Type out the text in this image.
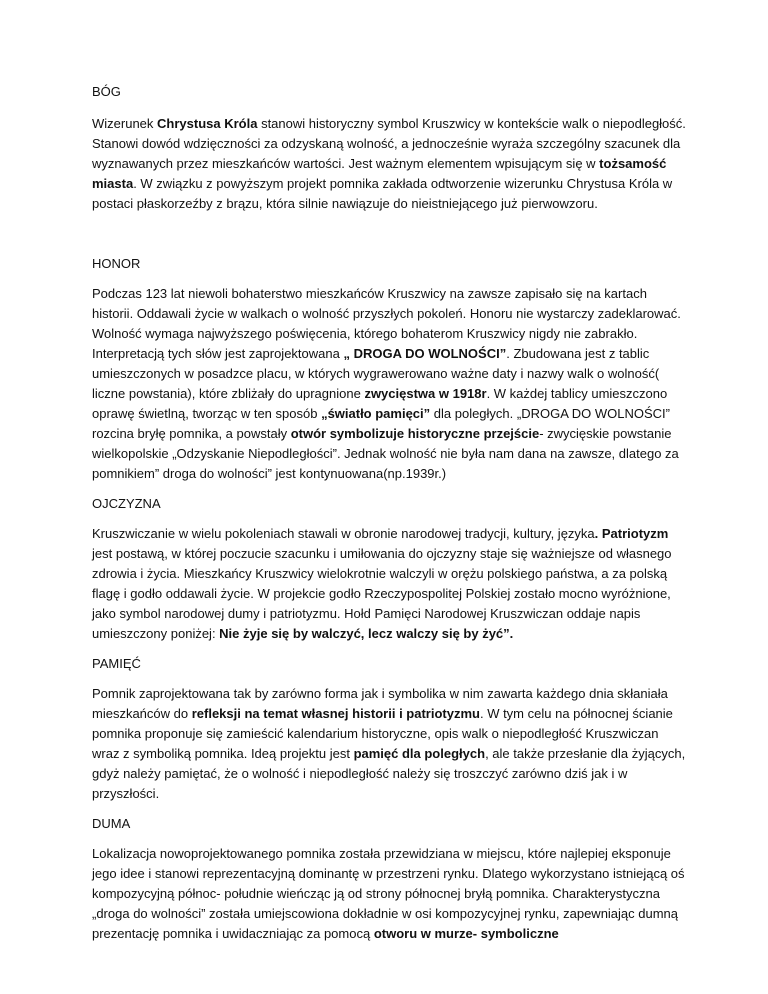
BÓG

Wizerunek Chrystusa Króla stanowi historyczny symbol Kruszwicy w kontekście walk o niepodległość. Stanowi dowód wdzięczności za odzyskaną wolność, a jednocześnie wyraża szczególny szacunek dla wyznawanych przez mieszkańców wartości. Jest ważnym elementem wpisującym się w tożsamość miasta. W związku z powyższym projekt pomnika zakłada odtworzenie wizerunku Chrystusa Króla w postaci płaskorzeźby z brązu, która silnie nawiązuje do nieistniejącego już pierwowzoru.

HONOR

Podczas 123 lat niewoli bohaterstwo mieszkańców Kruszwicy na zawsze zapisało się na kartach historii. Oddawali życie w walkach o wolność przyszłych pokoleń. Honoru nie wystarczy zadeklarować. Wolność wymaga najwyższego poświęcenia, którego bohaterom Kruszwicy nigdy nie zabrakło. Interpretacją tych słów jest zaprojektowana „ DROGA DO WOLNOŚCI”. Zbudowana jest z tablic umieszczonych w posadzce placu, w których wygrawerowano ważne daty i nazwy walk o wolność( liczne powstania), które zbliżały do upragnione zwycięstwa w 1918r. W każdej tablicy umieszczono oprawę świetlną, tworząc w ten sposób „światło pamięci” dla poległych. „DROGA DO WOLNOŚCI” rozcina bryłę pomnika, a powstały otwór symbolizuje historyczne przejście- zwycięskie powstanie wielkopolskie „Odzyskanie Niepodległości”. Jednak wolność nie była nam dana na zawsze, dlatego za pomnikiem” droga do wolności” jest kontynuowana(np.1939r.)

OJCZYZNA

Kruszwiczanie w wielu pokoleniach stawali w obronie narodowej tradycji, kultury, języka. Patriotyzm jest postawą, w której poczucie szacunku i umiłowania do ojczyzny staje się ważniejsze od własnego zdrowia i życia. Mieszkańcy Kruszwicy wielokrotnie walczyli w orężu polskiego państwa, a za polską flagę i godło oddawali życie. W projekcie godło Rzeczypospolitej Polskiej zostało mocno wyróżnione, jako symbol narodowej dumy i patriotyzmu. Hołd Pamięci Narodowej Kruszwiczan oddaje napis umieszczony poniżej: Nie żyje się by walczyć, lecz walczy się by żyć”.

PAMIĘĆ

Pomnik zaprojektowana tak by zarówno forma jak i symbolika w nim zawarta każdego dnia skłaniała mieszkańców do refleksji na temat własnej historii i patriotyzmu. W tym celu na północnej ścianie pomnika proponuje się zamieścić kalendarium historyczne, opis walk o niepodległość Kruszwiczan wraz z symboliką pomnika. Ideą projektu jest pamięć dla poległych, ale także przesłanie dla żyjących, gdyż należy pamiętać, że o wolność i niepodległość należy się troszczyć zarówno dziś jak i w przyszłości.

DUMA

Lokalizacja nowoprojektowanego pomnika została przewidziana w miejscu, które najlepiej eksponuje jego idee i stanowi reprezentacyjną dominantę w przestrzeni rynku. Dlatego wykorzystano istniejącą oś kompozycyjną północ- południe wieńcząc ją od strony północnej bryłą pomnika. Charakterystyczna „droga do wolności” została umiejscowiona dokładnie w osi kompozycyjnej rynku, zapewniając dumną prezentację pomnika i uwidaczniając za pomocą otworu w murze- symboliczne
